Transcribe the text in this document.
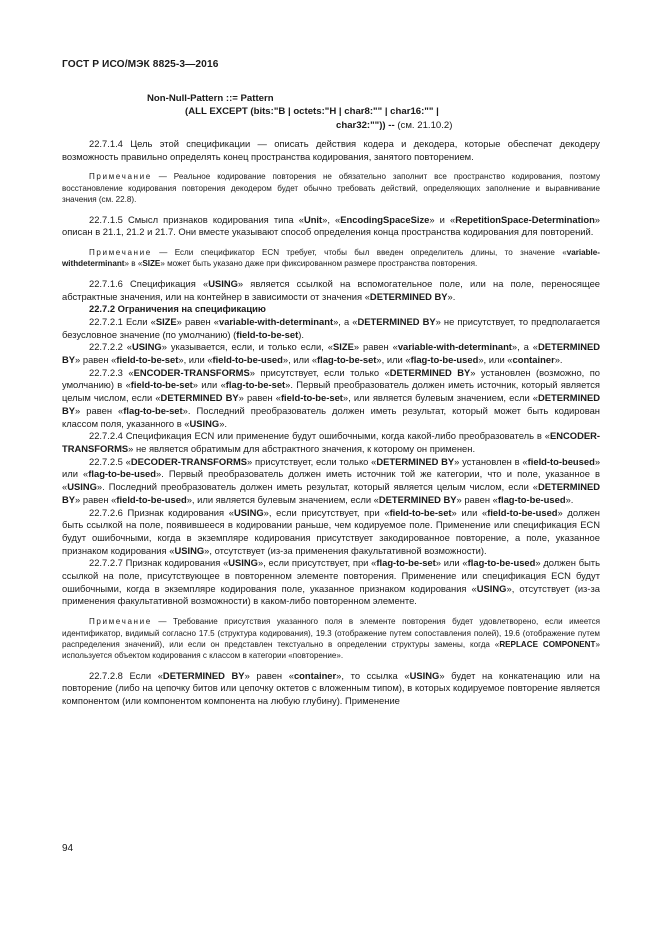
ГОСТ Р ИСО/МЭК 8825-3—2016
Non-Null-Pattern ::= Pattern
(ALL EXCEPT (bits:"B | octets:"H | char8:"" | char16:"" |
char32:"")) -- (см. 21.10.2)

22.7.1.4 Цель этой спецификации — описать действия кодера и декодера, которые обеспечат декодеру возможность правильно определять конец пространства кодирования, занятого повторением.

Примечание — Реальное кодирование повторения не обязательно заполнит все пространство кодирования, поэтому восстановление кодирования повторения декодером будет обычно требовать действий, определяющих заполнение и выравнивание значения (см. 22.8).

22.7.1.5 Смысл признаков кодирования типа «Unit», «EncodingSpaceSize» и «RepetitionSpace-Determination» описан в 21.1, 21.2 и 21.7. Они вместе указывают способ определения конца пространства кодирования для повторений.

Примечание — Если спецификатор ECN требует, чтобы был введен определитель длины, то значение «variable-withdeterminant» в «SIZE» может быть указано даже при фиксированном размере пространства повторения.

22.7.1.6 Спецификация «USING» является ссылкой на вспомогательное поле, или на поле, переносящее абстрактные значения, или на контейнер в зависимости от значения «DETERMINED BY».

22.7.2 Ограничения на спецификацию

22.7.2.1 Если «SIZE» равен «variable-with-determinant», а «DETERMINED BY» не присутствует, то предполагается безусловное значение (по умолчанию) (field-to-be-set).

22.7.2.2 «USING» указывается, если, и только если, «SIZE» равен «variable-with-determinant», а «DETERMINED BY» равен «field-to-be-set», или «field-to-be-used», или «flag-to-be-set», или «flag-to-be-used», или «container».

22.7.2.3 «ENCODER-TRANSFORMS» присутствует, если только «DETERMINED BY» установлен (возможно, по умолчанию) в «field-to-be-set» или «flag-to-be-set». Первый преобразователь должен иметь источник, который является целым числом, если «DETERMINED BY» равен «field-to-be-set», или является булевым значением, если «DETERMINED BY» равен «flag-to-be-set». Последний преобразователь должен иметь результат, который может быть кодирован классом поля, указанного в «USING».

22.7.2.4 Спецификация ECN или применение будут ошибочными, когда какой-либо преобразователь в «ENCODER-TRANSFORMS» не является обратимым для абстрактного значения, к которому он применен.

22.7.2.5 «DECODER-TRANSFORMS» присутствует, если только «DETERMINED BY» установлен в «field-to-beused» или «flag-to-be-used». Первый преобразователь должен иметь источник той же категории, что и поле, указанное в «USING». Последний преобразователь должен иметь результат, который является целым числом, если «DETERMINED BY» равен «field-to-be-used», или является булевым значением, если «DETERMINED BY» равен «flag-to-be-used».

22.7.2.6 Признак кодирования «USING», если присутствует, при «field-to-be-set» или «field-to-be-used» должен быть ссылкой на поле, появившееся в кодировании раньше, чем кодируемое поле. Применение или спецификация ECN будут ошибочными, когда в экземпляре кодирования присутствует закодированное повторение, а поле, указанное признаком кодирования «USING», отсутствует (из-за применения факультативной возможности).

22.7.2.7 Признак кодирования «USING», если присутствует, при «flag-to-be-set» или «flag-to-be-used» должен быть ссылкой на поле, присутствующее в повторенном элементе повторения. Применение или спецификация ECN будут ошибочными, когда в экземпляре кодирования поле, указанное признаком кодирования «USING», отсутствует (из-за применения факультативной возможности) в каком-либо повторенном элементе.

Примечание — Требование присутствия указанного поля в элементе повторения будет удовлетворено, если имеется идентификатор, видимый согласно 17.5 (структура кодирования), 19.3 (отображение путем сопоставления полей), 19.6 (отображение путем распределения значений), или если он представлен текстуально в определении структуры замены, когда «REPLACE COMPONENT» используется объектом кодирования с классом в категории «повторение».

22.7.2.8 Если «DETERMINED BY» равен «container», то ссылка «USING» будет на конкатенацию или на повторение (либо на цепочку битов или цепочку октетов с вложенным типом), в которых кодируемое повторение является компонентом (или компонентом компонента на любую глубину). Применение

94
